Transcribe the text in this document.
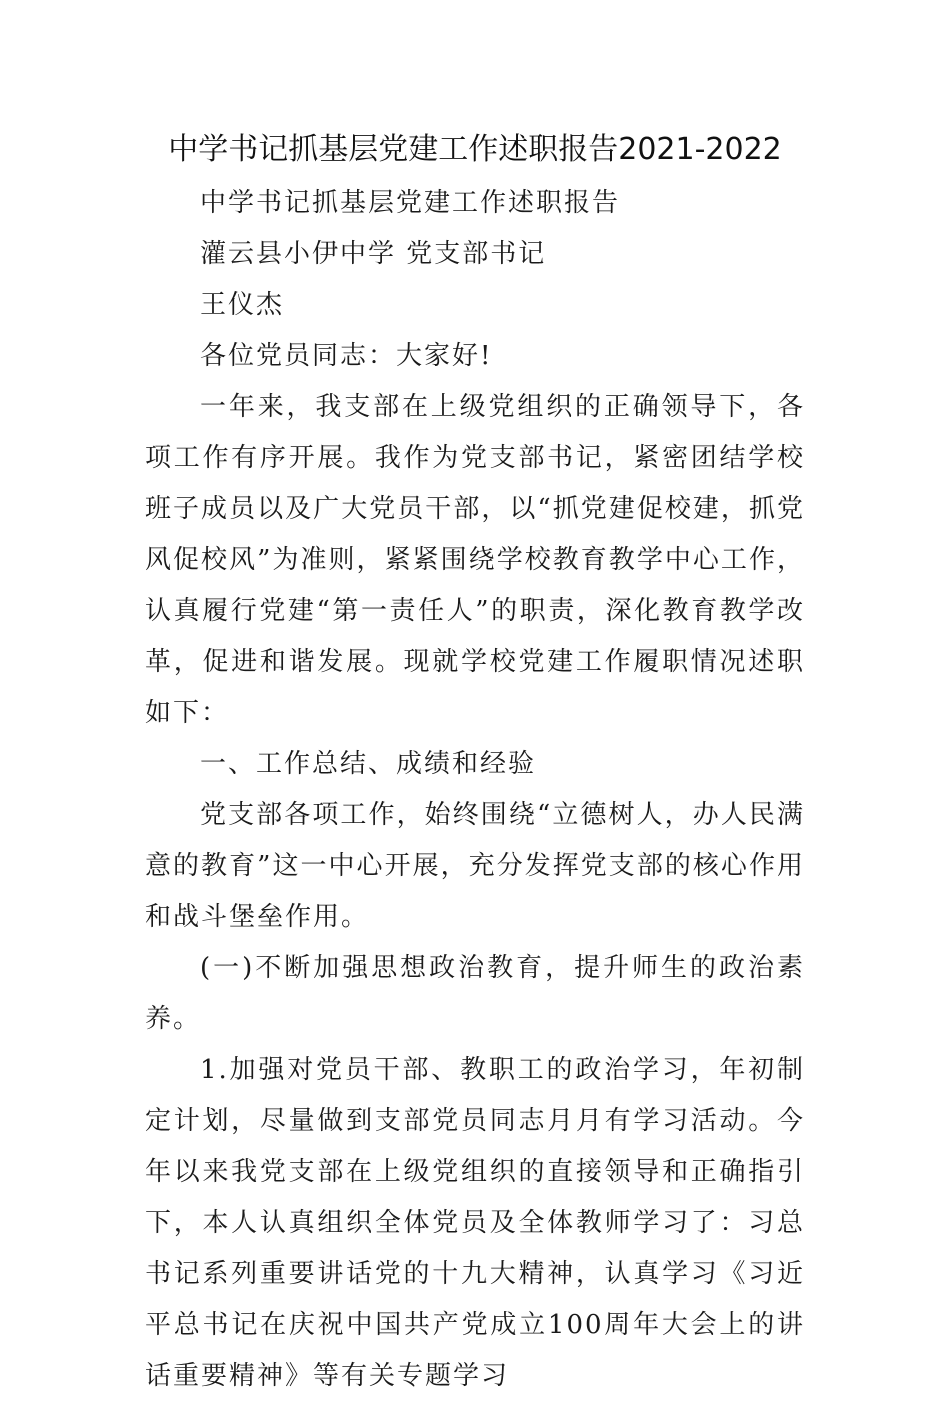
中学书记抓基层党建工作述职报告2021-2022

中学书记抓基层党建工作述职报告

灌云县小伊中学 党支部书记

王仪杰

各位党员同志：大家好!

一年来，我支部在上级党组织的正确领导下，各项工作有序开展。我作为党支部书记，紧密团结学校班子成员以及广大党员干部，以“抓党建促校建，抓党风促校风”为准则，紧紧围绕学校教育教学中心工作，认真履行党建“第一责任人”的职责，深化教育教学改革，促进和谐发展。现就学校党建工作履职情况述职如下：

一、工作总结、成绩和经验

党支部各项工作，始终围绕“立德树人，办人民满意的教育”这一中心开展，充分发挥党支部的核心作用和战斗堡垒作用。

(一)不断加强思想政治教育，提升师生的政治素养。

1.加强对党员干部、教职工的政治学习，年初制定计划，尽量做到支部党员同志月月有学习活动。今年以来我党支部在上级党组织的直接领导和正确指引下，本人认真组织全体党员及全体教师学习了：习总书记系列重要讲话党的十九大精神，认真学习《习近平总书记在庆祝中国共产党成立100周年大会上的讲话重要精神》等有关专题学习
